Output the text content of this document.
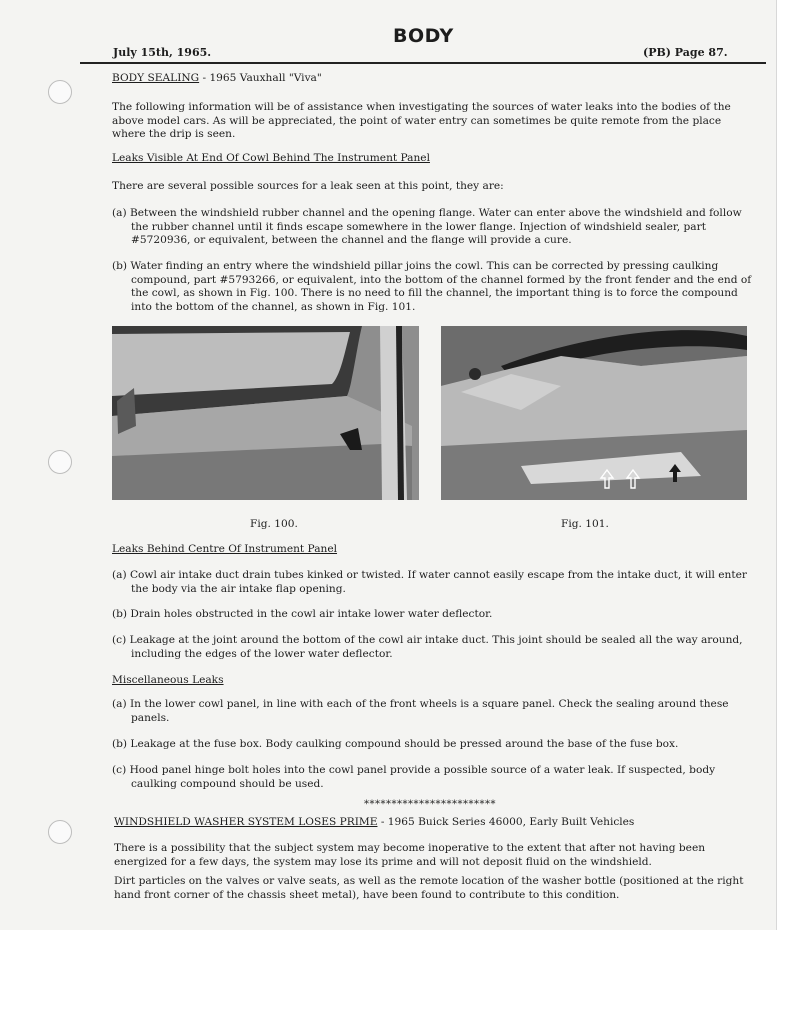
July 15th, 1965.
BODY
(PB) Page 87.

BODY SEALING - 1965 Vauxhall "Viva"

The following information will be of assistance when investigating the sources of water leaks into the bodies of the above model cars. As will be appreciated, the point of water entry can sometimes be quite remote from the place where the drip is seen.

Leaks Visible At End Of Cowl Behind The Instrument Panel

There are several possible sources for a leak seen at this point, they are:

(a) Between the windshield rubber channel and the opening flange. Water can enter above the windshield and follow the rubber channel until it finds escape somewhere in the lower flange. Injection of windshield sealer, part #5720936, or equivalent, between the channel and the flange will provide a cure.

(b) Water finding an entry where the windshield pillar joins the cowl. This can be corrected by pressing caulking compound, part #5793266, or equivalent, into the bottom of the channel formed by the front fender and the end of the cowl, as shown in Fig. 100. There is no need to fill the channel, the important thing is to force the compound into the bottom of the channel, as shown in Fig. 101.

Fig. 100.	Fig. 101.

Leaks Behind Centre Of Instrument Panel

(a) Cowl air intake duct drain tubes kinked or twisted. If water cannot easily escape from the intake duct, it will enter the body via the air intake flap opening.

(b) Drain holes obstructed in the cowl air intake lower water deflector.

(c) Leakage at the joint around the bottom of the cowl air intake duct. This joint should be sealed all the way around, including the edges of the lower water deflector.

Miscellaneous Leaks

(a) In the lower cowl panel, in line with each of the front wheels is a square panel. Check the sealing around these panels.

(b) Leakage at the fuse box. Body caulking compound should be pressed around the base of the fuse box.

(c) Hood panel hinge bolt holes into the cowl panel provide a possible source of a water leak. If suspected, body caulking compound should be used.

************************

WINDSHIELD WASHER SYSTEM LOSES PRIME - 1965 Buick Series 46000, Early Built Vehicles

There is a possibility that the subject system may become inoperative to the extent that after not having been energized for a few days, the system may lose its prime and will not deposit fluid on the windshield.

Dirt particles on the valves or valve seats, as well as the remote location of the washer bottle (positioned at the right hand front corner of the chassis sheet metal), have been found to contribute to this condition.
